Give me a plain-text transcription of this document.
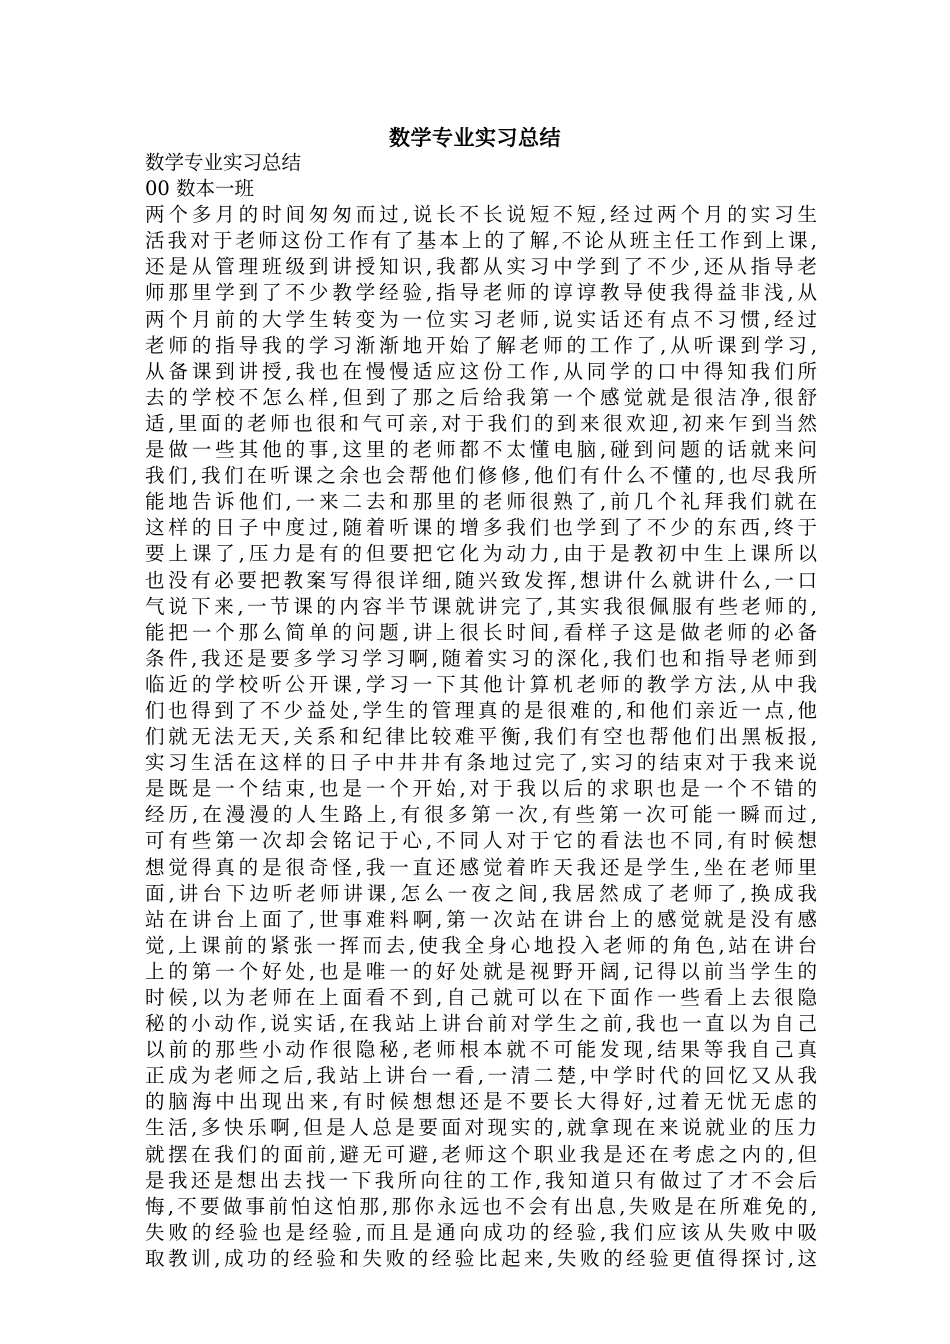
数学专业实习总结
数学专业实习总结
00 数本一班
两个多月的时间匆匆而过,说长不长说短不短,经过两个月的实习生
活我对于老师这份工作有了基本上的了解,不论从班主任工作到上课,
还是从管理班级到讲授知识,我都从实习中学到了不少,还从指导老
师那里学到了不少教学经验,指导老师的谆谆教导使我得益非浅,从
两个月前的大学生转变为一位实习老师,说实话还有点不习惯,经过
老师的指导我的学习渐渐地开始了解老师的工作了,从听课到学习,
从备课到讲授,我也在慢慢适应这份工作,从同学的口中得知我们所
去的学校不怎么样,但到了那之后给我第一个感觉就是很洁净,很舒
适,里面的老师也很和气可亲,对于我们的到来很欢迎,初来乍到当然
是做一些其他的事,这里的老师都不太懂电脑,碰到问题的话就来问
我们,我们在听课之余也会帮他们修修,他们有什么不懂的,也尽我所
能地告诉他们,一来二去和那里的老师很熟了,前几个礼拜我们就在
这样的日子中度过,随着听课的增多我们也学到了不少的东西,终于
要上课了,压力是有的但要把它化为动力,由于是教初中生上课所以
也没有必要把教案写得很详细,随兴致发挥,想讲什么就讲什么,一口
气说下来,一节课的内容半节课就讲完了,其实我很佩服有些老师的,
能把一个那么简单的问题,讲上很长时间,看样子这是做老师的必备
条件,我还是要多学习学习啊,随着实习的深化,我们也和指导老师到
临近的学校听公开课,学习一下其他计算机老师的教学方法,从中我
们也得到了不少益处,学生的管理真的是很难的,和他们亲近一点,他
们就无法无天,关系和纪律比较难平衡,我们有空也帮他们出黑板报,
实习生活在这样的日子中井井有条地过完了,实习的结束对于我来说
是既是一个结束,也是一个开始,对于我以后的求职也是一个不错的
经历,在漫漫的人生路上,有很多第一次,有些第一次可能一瞬而过,
可有些第一次却会铭记于心,不同人对于它的看法也不同,有时候想
想觉得真的是很奇怪,我一直还感觉着昨天我还是学生,坐在老师里
面,讲台下边听老师讲课,怎么一夜之间,我居然成了老师了,换成我
站在讲台上面了,世事难料啊,第一次站在讲台上的感觉就是没有感
觉,上课前的紧张一挥而去,使我全身心地投入老师的角色,站在讲台
上的第一个好处,也是唯一的好处就是视野开阔,记得以前当学生的
时候,以为老师在上面看不到,自己就可以在下面作一些看上去很隐
秘的小动作,说实话,在我站上讲台前对学生之前,我也一直以为自己
以前的那些小动作很隐秘,老师根本就不可能发现,结果等我自己真
正成为老师之后,我站上讲台一看,一清二楚,中学时代的回忆又从我
的脑海中出现出来,有时候想想还是不要长大得好,过着无忧无虑的
生活,多快乐啊,但是人总是要面对现实的,就拿现在来说就业的压力
就摆在我们的面前,避无可避,老师这个职业我是还在考虑之内的,但
是我还是想出去找一下我所向往的工作,我知道只有做过了才不会后
悔,不要做事前怕这怕那,那你永远也不会有出息,失败是在所难免的,
失败的经验也是经验,而且是通向成功的经验,我们应该从失败中吸
取教训,成功的经验和失败的经验比起来,失败的经验更值得探讨,这
